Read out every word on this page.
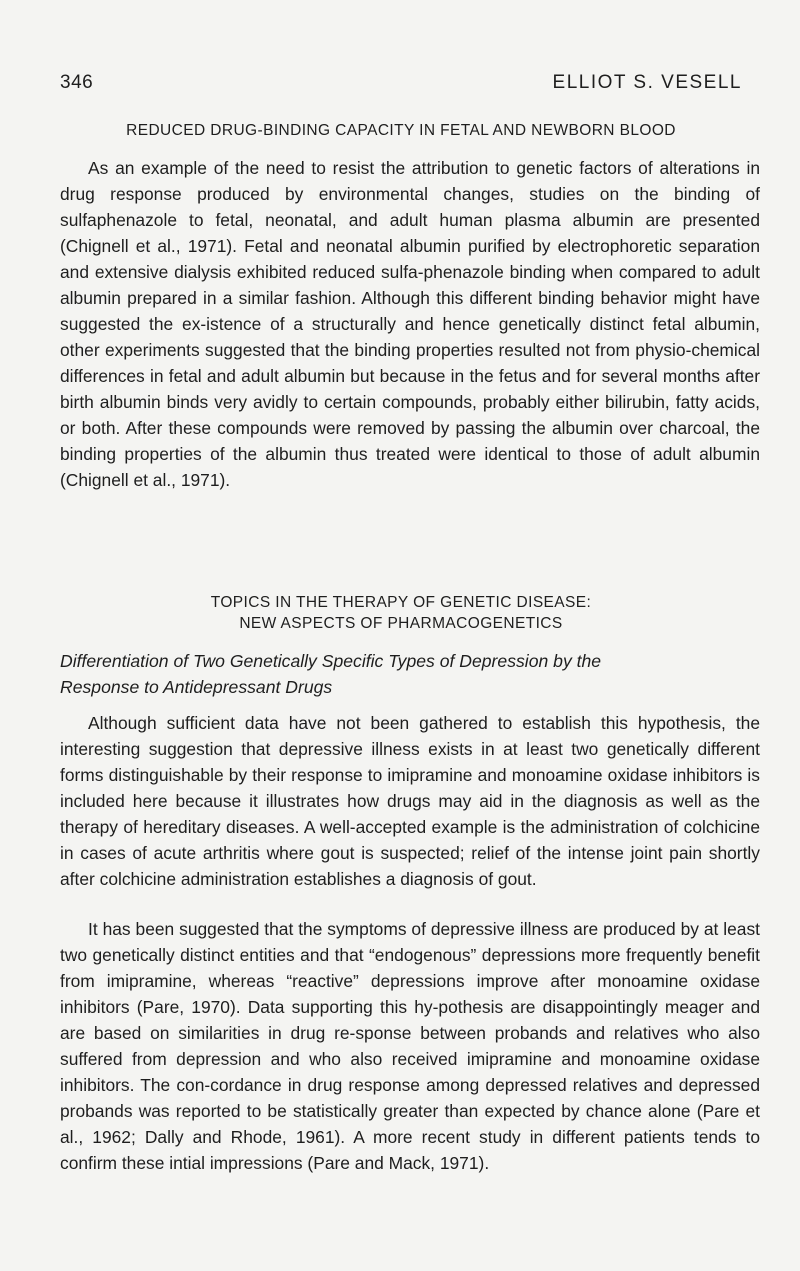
346	ELLIOT S. VESELL
REDUCED DRUG-BINDING CAPACITY IN FETAL AND NEWBORN BLOOD

As an example of the need to resist the attribution to genetic factors of alterations in drug response produced by environmental changes, studies on the binding of sulfaphenazole to fetal, neonatal, and adult human plasma albumin are presented (Chignell et al., 1971). Fetal and neonatal albumin purified by electrophoretic separation and extensive dialysis exhibited reduced sulfa-phenazole binding when compared to adult albumin prepared in a similar fashion. Although this different binding behavior might have suggested the ex-istence of a structurally and hence genetically distinct fetal albumin, other experiments suggested that the binding properties resulted not from physio-chemical differences in fetal and adult albumin but because in the fetus and for several months after birth albumin binds very avidly to certain compounds, probably either bilirubin, fatty acids, or both. After these compounds were removed by passing the albumin over charcoal, the binding properties of the albumin thus treated were identical to those of adult albumin (Chignell et al., 1971).

TOPICS IN THE THERAPY OF GENETIC DISEASE:
NEW ASPECTS OF PHARMACOGENETICS
Differentiation of Two Genetically Specific Types of Depression by the
Response to Antidepressant Drugs

Although sufficient data have not been gathered to establish this hypothesis, the interesting suggestion that depressive illness exists in at least two genetically different forms distinguishable by their response to imipramine and monoamine oxidase inhibitors is included here because it illustrates how drugs may aid in the diagnosis as well as the therapy of hereditary diseases. A well-accepted example is the administration of colchicine in cases of acute arthritis where gout is suspected; relief of the intense joint pain shortly after colchicine administration establishes a diagnosis of gout.

It has been suggested that the symptoms of depressive illness are produced by at least two genetically distinct entities and that “endogenous” depressions more frequently benefit from imipramine, whereas “reactive” depressions improve after monoamine oxidase inhibitors (Pare, 1970). Data supporting this hy-pothesis are disappointingly meager and are based on similarities in drug re-sponse between probands and relatives who also suffered from depression and who also received imipramine and monoamine oxidase inhibitors. The con-cordance in drug response among depressed relatives and depressed probands was reported to be statistically greater than expected by chance alone (Pare et al., 1962; Dally and Rhode, 1961). A more recent study in different patients tends to confirm these intial impressions (Pare and Mack, 1971).
